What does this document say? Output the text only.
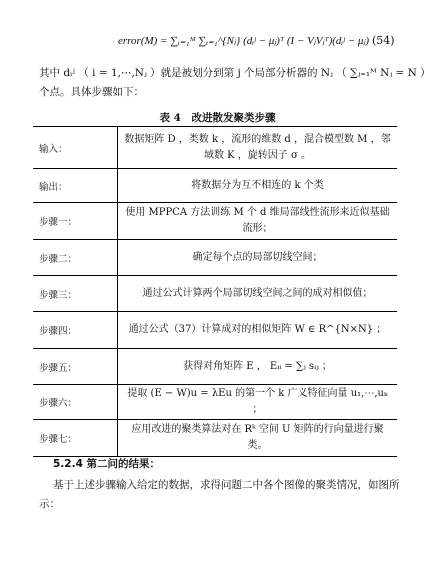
error(M) = ∑ᵢ₌₁ᴹ ∑ᵢ₌₁^{Nⱼ} (dᵢʲ − μⱼ)ᵀ (I − VⱼVⱼᵀ)(dᵢʲ − μⱼ) (54)
其中 dᵢʲ （ i = 1,⋯,Nⱼ ）就是被划分到第 j 个局部分析器的 Nⱼ （ ∑ⱼ₌₁ᴹ Nⱼ = N ）
个点。具体步骤如下：
表 4　改进散发聚类步骤
输入：	数据矩阵 D ，类数 k ，流形的维数 d ，混合模型数 M ，邻域数 K ，旋转因子 σ 。
输出：	将数据分为互不相连的 k 个类
步骤一：	使用 MPPCA 方法训练 M 个 d 维局部线性流形来近似基础流形；
步骤二：	确定每个点的局部切线空间；
步骤三：	通过公式计算两个局部切线空间之间的成对相似值；
步骤四：	通过公式（37）计算成对的相似矩阵 W ∈ R^{N×N} ；
步骤五：	获得对角矩阵 E ， Eᵢᵢ = ∑ⱼ sᵢⱼ ；
步骤六：	提取 (E − W)u = λEu 的第一个 k 广义特征向量 u₁,⋯,uₖ ；
步骤七：	应用改进的聚类算法对在 Rᵏ 空间 U 矩阵的行向量进行聚类。
5.2.4 第二问的结果：
基于上述步骤输入给定的数据，求得问题二中各个图像的聚类情况，如图所
示：
